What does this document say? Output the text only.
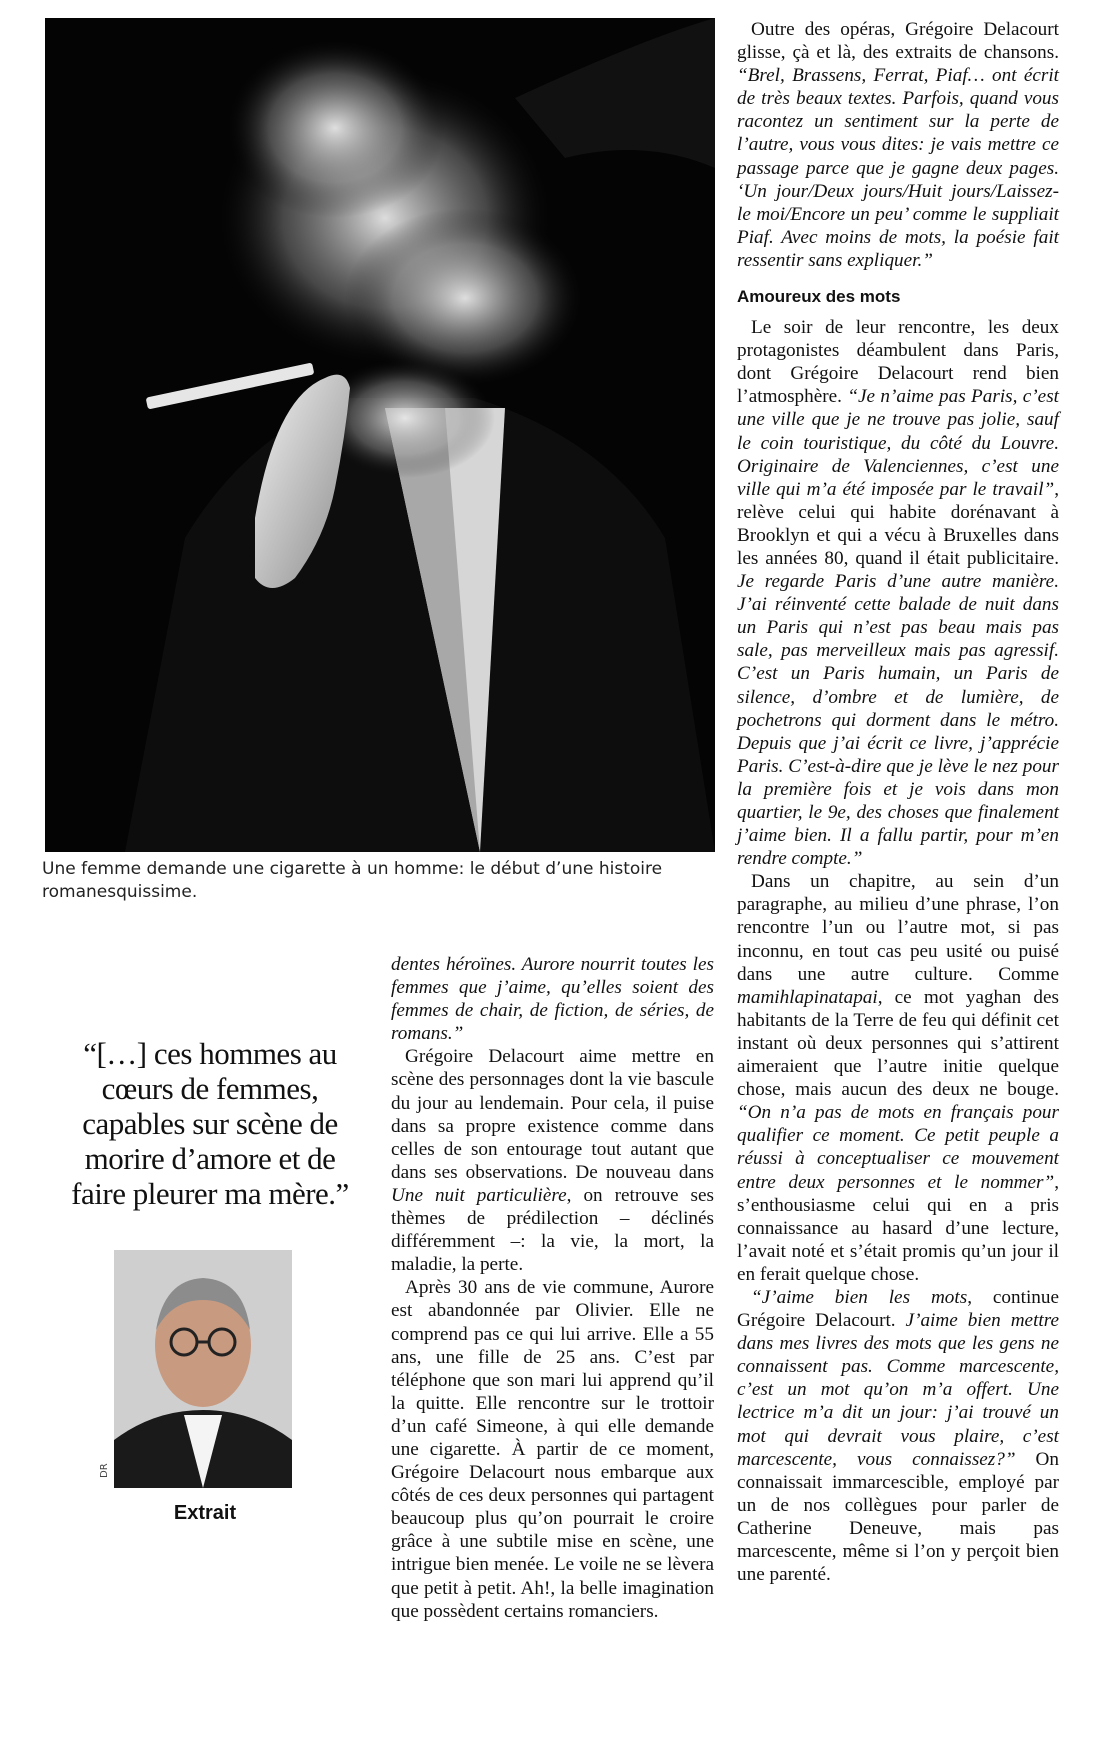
Une femme demande une cigarette à un homme: le début d’une histoire romanesquissime.

Outre des opéras, Grégoire Delacourt glisse, çà et là, des extraits de chansons. “Brel, Brassens, Ferrat, Piaf… ont écrit de très beaux textes. Parfois, quand vous racontez un sentiment sur la perte de l’autre, vous vous dites: je vais mettre ce passage parce que je gagne deux pages. ‘Un jour/Deux jours/Huit jours/Laissez-le moi/Encore un peu’ comme le suppliait Piaf. Avec moins de mots, la poésie fait ressentir sans expliquer.”

Amoureux des mots

Le soir de leur rencontre, les deux protagonistes déambulent dans Paris, dont Grégoire Delacourt rend bien l’atmosphère. “Je n’aime pas Paris, c’est une ville que je ne trouve pas jolie, sauf le coin touristique, du côté du Louvre. Originaire de Valenciennes, c’est une ville qui m’a été imposée par le travail”, relève celui qui habite dorénavant à Brooklyn et qui a vécu à Bruxelles dans les années 80, quand il était publicitaire. Je regarde Paris d’une autre manière. J’ai réinventé cette balade de nuit dans un Paris qui n’est pas beau mais pas sale, pas merveilleux mais pas agressif. C’est un Paris humain, un Paris de silence, d’ombre et de lumière, de pochetrons qui dorment dans le métro. Depuis que j’ai écrit ce livre, j’apprécie Paris. C’est-à-dire que je lève le nez pour la première fois et je vois dans mon quartier, le 9e, des choses que finalement j’aime bien. Il a fallu partir, pour m’en rendre compte.”

Dans un chapitre, au sein d’un paragraphe, au milieu d’une phrase, l’on rencontre l’un ou l’autre mot, si pas inconnu, en tout cas peu usité ou puisé dans une autre culture. Comme mamihlapinatapai, ce mot yaghan des habitants de la Terre de feu qui définit cet instant où deux personnes qui s’attirent aimeraient que l’autre initie quelque chose, mais aucun des deux ne bouge. “On n’a pas de mots en français pour qualifier ce moment. Ce petit peuple a réussi à conceptualiser ce mouvement entre deux personnes et le nommer”, s’enthousiasme celui qui en a pris connaissance au hasard d’une lecture, l’avait noté et s’était promis qu’un jour il en ferait quelque chose.

“J’aime bien les mots, continue Grégoire Delacourt. J’aime bien mettre dans mes livres des mots que les gens ne connaissent pas. Comme marcescente, c’est un mot qu’on m’a offert. Une lectrice m’a dit un jour: j’ai trouvé un mot qui devrait vous plaire, c’est marcescente, vous connaissez?” On connaissait immarcescible, employé par un de nos collègues pour parler de Catherine Deneuve, mais pas marcescente, même si l’on y perçoit bien une parenté.

dentes héroïnes. Aurore nourrit toutes les femmes que j’aime, qu’elles soient des femmes de chair, de fiction, de séries, de romans.”

Grégoire Delacourt aime mettre en scène des personnages dont la vie bascule du jour au lendemain. Pour cela, il puise dans sa propre existence comme dans celles de son entourage tout autant que dans ses observations. De nouveau dans Une nuit particulière, on retrouve ses thèmes de prédilection – déclinés différemment –: la vie, la mort, la maladie, la perte.

Après 30 ans de vie commune, Aurore est abandonnée par Olivier. Elle ne comprend pas ce qui lui arrive. Elle a 55 ans, une fille de 25 ans. C’est par téléphone que son mari lui apprend qu’il la quitte. Elle rencontre sur le trottoir d’un café Simeone, à qui elle demande une cigarette. À partir de ce moment, Grégoire Delacourt nous embarque aux côtés de ces deux personnes qui partagent beaucoup plus qu’on pourrait le croire grâce à une subtile mise en scène, une intrigue bien menée. Le voile ne se lèvera que petit à petit. Ah!, la belle imagination que possèdent certains romanciers.

“[…] ces hommes au cœurs de femmes, capables sur scène de morire d’amore et de faire pleurer ma mère.”
DR
Extrait
